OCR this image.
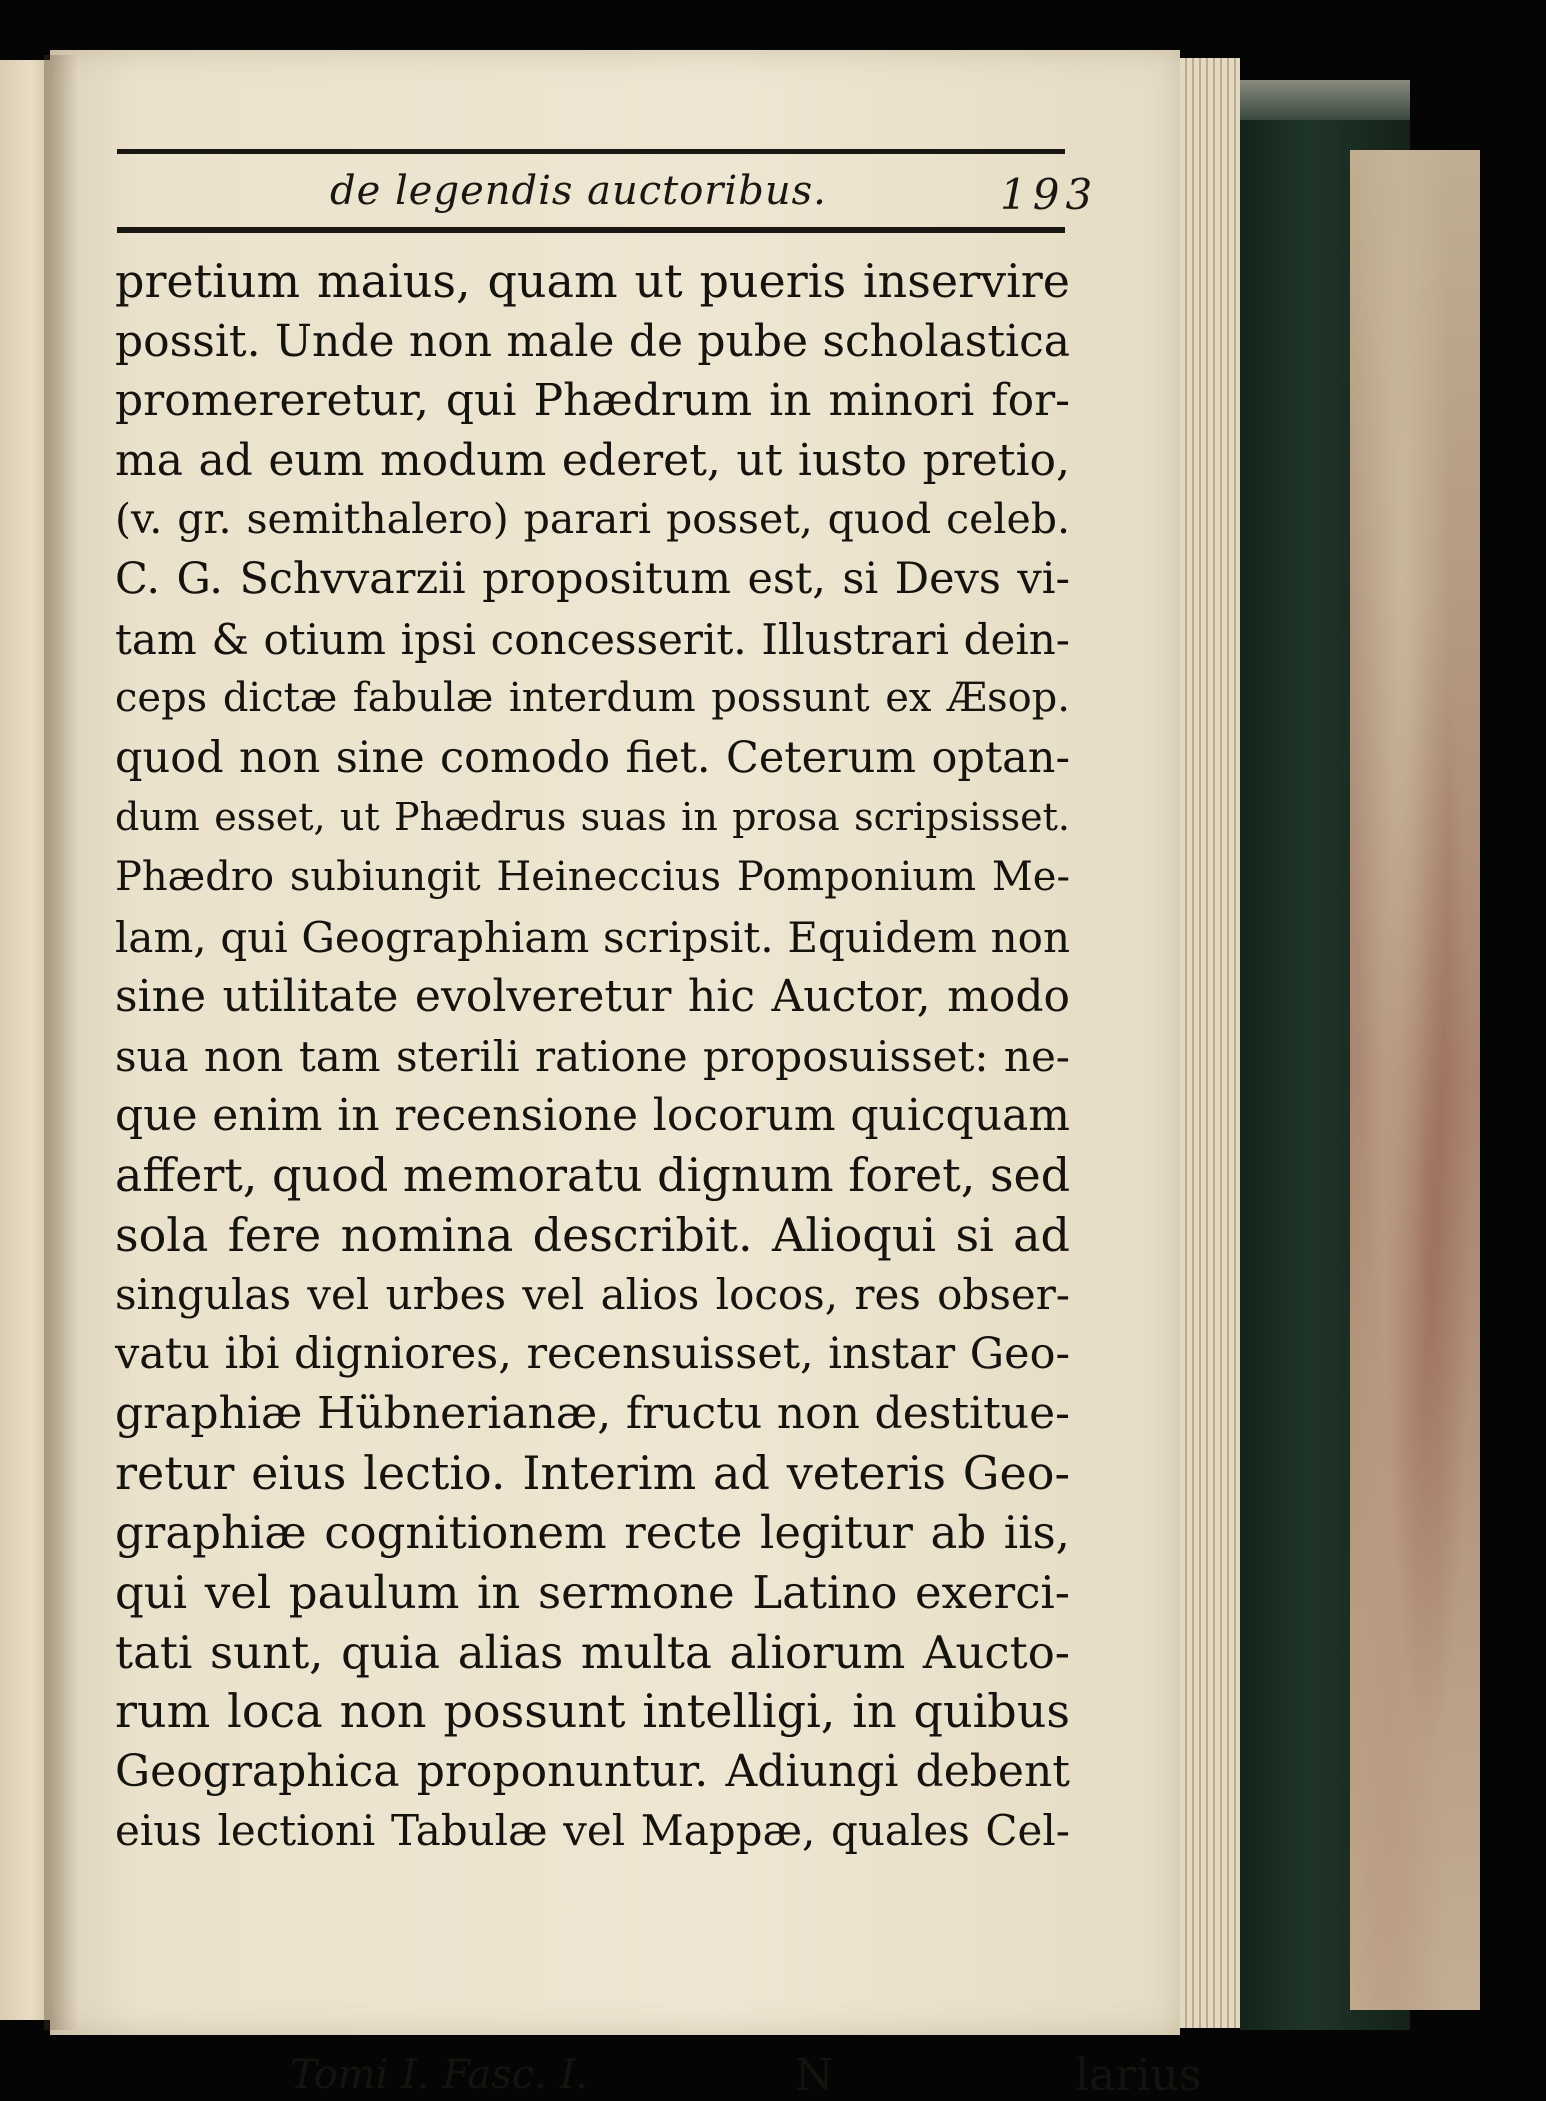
de legendis auctoribus.	193
pretium maius, quam ut pueris inservire
possit. Unde non male de pube scholastica
promereretur, qui Phædrum in minori for-
ma ad eum modum ederet, ut iusto pretio,
(v. gr. semithalero) parari posset, quod celeb.
C. G. Schvvarzii propositum est, si Devs vi-
tam & otium ipsi concesserit. Illustrari dein-
ceps dictæ fabulæ interdum possunt ex Æsop.
quod non sine comodo fiet. Ceterum optan-
dum esset, ut Phædrus suas in prosa scripsisset.
Phædro subiungit Heineccius Pomponium Me-
lam, qui Geographiam scripsit. Equidem non
sine utilitate evolveretur hic Auctor, modo
sua non tam sterili ratione proposuisset: ne-
que enim in recensione locorum quicquam
affert, quod memoratu dignum foret, sed
sola fere nomina describit. Alioqui si ad
singulas vel urbes vel alios locos, res obser-
vatu ibi digniores, recensuisset, instar Geo-
graphiæ Hübnerianæ, fructu non destitue-
retur eius lectio. Interim ad veteris Geo-
graphiæ cognitionem recte legitur ab iis,
qui vel paulum in sermone Latino exerci-
tati sunt, quia alias multa aliorum Aucto-
rum loca non possunt intelligi, in quibus
Geographica proponuntur. Adiungi debent
eius lectioni Tabulæ vel Mappæ, quales Cel-
Tomi I. Fasc. I.	N	larius
